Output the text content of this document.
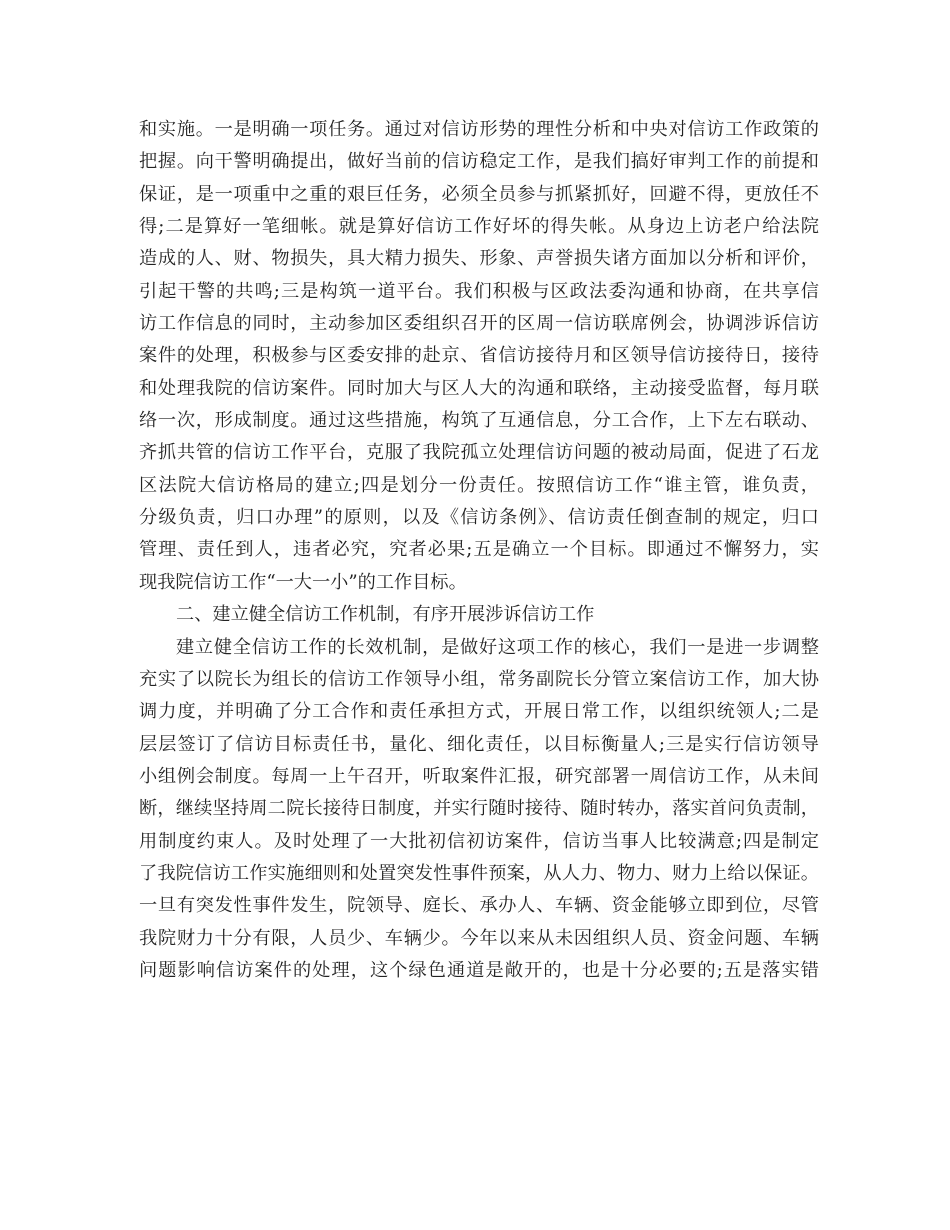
和实施。一是明确一项任务。通过对信访形势的理性分析和中央对信访工作政策的
把握。向干警明确提出，做好当前的信访稳定工作，是我们搞好审判工作的前提和
保证，是一项重中之重的艰巨任务，必须全员参与抓紧抓好，回避不得，更放任不
得;二是算好一笔细帐。就是算好信访工作好坏的得失帐。从身边上访老户给法院
造成的人、财、物损失，具大精力损失、形象、声誉损失诸方面加以分析和评价，
引起干警的共鸣;三是构筑一道平台。我们积极与区政法委沟通和协商，在共享信
访工作信息的同时，主动参加区委组织召开的区周一信访联席例会，协调涉诉信访
案件的处理，积极参与区委安排的赴京、省信访接待月和区领导信访接待日，接待
和处理我院的信访案件。同时加大与区人大的沟通和联络，主动接受监督，每月联
络一次，形成制度。通过这些措施，构筑了互通信息，分工合作，上下左右联动、
齐抓共管的信访工作平台，克服了我院孤立处理信访问题的被动局面，促进了石龙
区法院大信访格局的建立;四是划分一份责任。按照信访工作“谁主管，谁负责，
分级负责，归口办理”的原则，以及《信访条例》、信访责任倒查制的规定，归口
管理、责任到人，违者必究，究者必果;五是确立一个目标。即通过不懈努力，实
现我院信访工作“一大一小”的工作目标。
二、建立健全信访工作机制，有序开展涉诉信访工作
建立健全信访工作的长效机制，是做好这项工作的核心，我们一是进一步调整
充实了以院长为组长的信访工作领导小组，常务副院长分管立案信访工作，加大协
调力度，并明确了分工合作和责任承担方式，开展日常工作，以组织统领人;二是
层层签订了信访目标责任书，量化、细化责任，以目标衡量人;三是实行信访领导
小组例会制度。每周一上午召开，听取案件汇报，研究部署一周信访工作，从未间
断，继续坚持周二院长接待日制度，并实行随时接待、随时转办，落实首问负责制，
用制度约束人。及时处理了一大批初信初访案件，信访当事人比较满意;四是制定
了我院信访工作实施细则和处置突发性事件预案，从人力、物力、财力上给以保证。
一旦有突发性事件发生，院领导、庭长、承办人、车辆、资金能够立即到位，尽管
我院财力十分有限，人员少、车辆少。今年以来从未因组织人员、资金问题、车辆
问题影响信访案件的处理，这个绿色通道是敞开的，也是十分必要的;五是落实错
